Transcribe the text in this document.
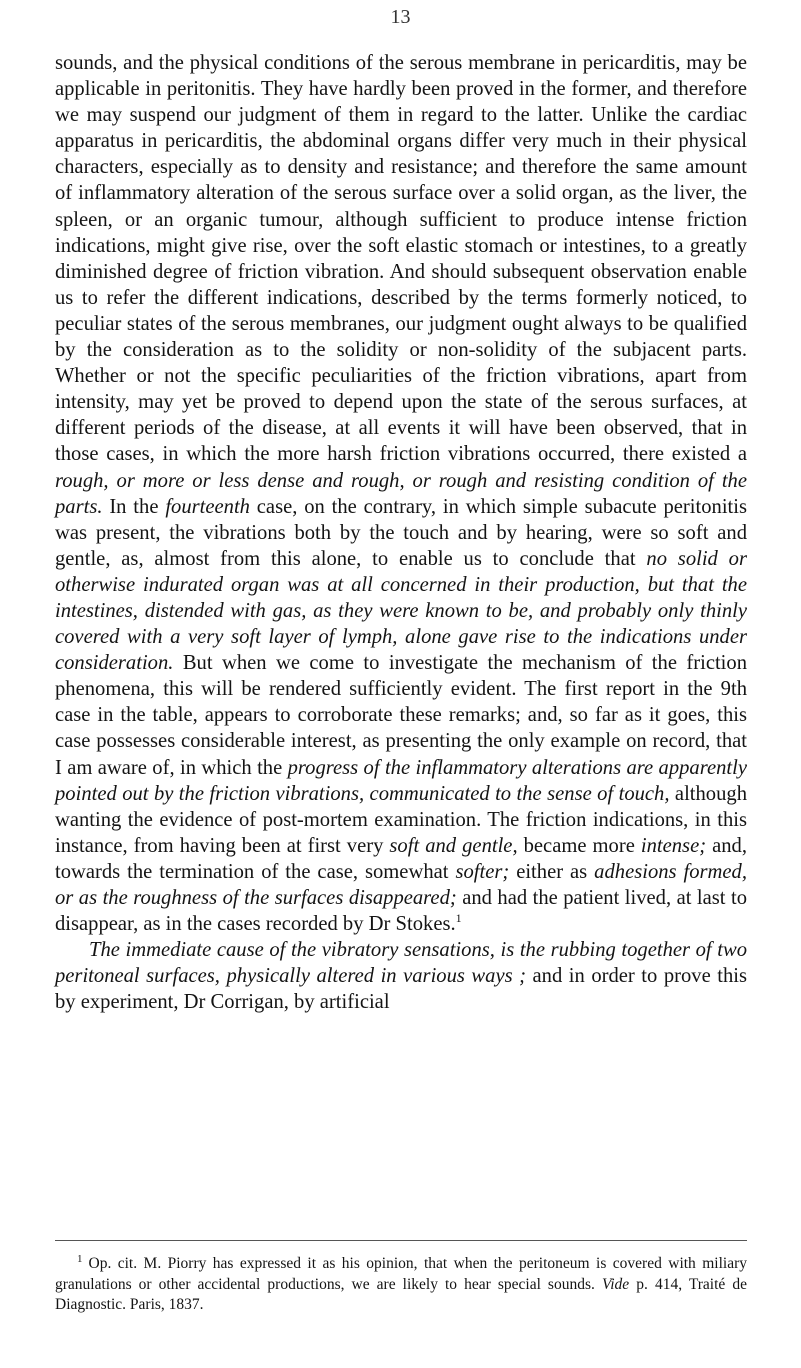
13

sounds, and the physical conditions of the serous membrane in pericarditis, may be applicable in peritonitis. They have hardly been proved in the former, and therefore we may suspend our judgment of them in regard to the latter. Unlike the cardiac apparatus in pericarditis, the abdominal organs differ very much in their physical characters, especially as to density and resistance; and therefore the same amount of inflammatory alteration of the serous surface over a solid organ, as the liver, the spleen, or an organic tumour, although sufficient to produce intense friction indications, might give rise, over the soft elastic stomach or intestines, to a greatly diminished degree of friction vibration. And should subsequent observation enable us to refer the different indications, described by the terms formerly noticed, to peculiar states of the serous membranes, our judgment ought always to be qualified by the consideration as to the solidity or non-solidity of the subjacent parts. Whether or not the specific peculiarities of the friction vibrations, apart from intensity, may yet be proved to depend upon the state of the serous surfaces, at different periods of the disease, at all events it will have been observed, that in those cases, in which the more harsh friction vibrations occurred, there existed a rough, or more or less dense and rough, or rough and resisting condition of the parts. In the fourteenth case, on the contrary, in which simple subacute peritonitis was present, the vibrations both by the touch and by hearing, were so soft and gentle, as, almost from this alone, to enable us to conclude that no solid or otherwise indurated organ was at all concerned in their production, but that the intestines, distended with gas, as they were known to be, and probably only thinly covered with a very soft layer of lymph, alone gave rise to the indications under consideration. But when we come to investigate the mechanism of the friction phenomena, this will be rendered sufficiently evident. The first report in the 9th case in the table, appears to corroborate these remarks; and, so far as it goes, this case possesses considerable interest, as presenting the only example on record, that I am aware of, in which the progress of the inflammatory alterations are apparently pointed out by the friction vibrations, communicated to the sense of touch, although wanting the evidence of post-mortem examination. The friction indications, in this instance, from having been at first very soft and gentle, became more intense; and, towards the termination of the case, somewhat softer; either as adhesions formed, or as the roughness of the surfaces disappeared; and had the patient lived, at last to disappear, as in the cases recorded by Dr Stokes.$^1$

The immediate cause of the vibratory sensations, is the rubbing together of two peritoneal surfaces, physically altered in various ways ; and in order to prove this by experiment, Dr Corrigan, by artificial

$^1$ Op. cit. M. Piorry has expressed it as his opinion, that when the peritoneum is covered with miliary granulations or other accidental productions, we are likely to hear special sounds. Vide p. 414, Traité de Diagnostic. Paris, 1837.
